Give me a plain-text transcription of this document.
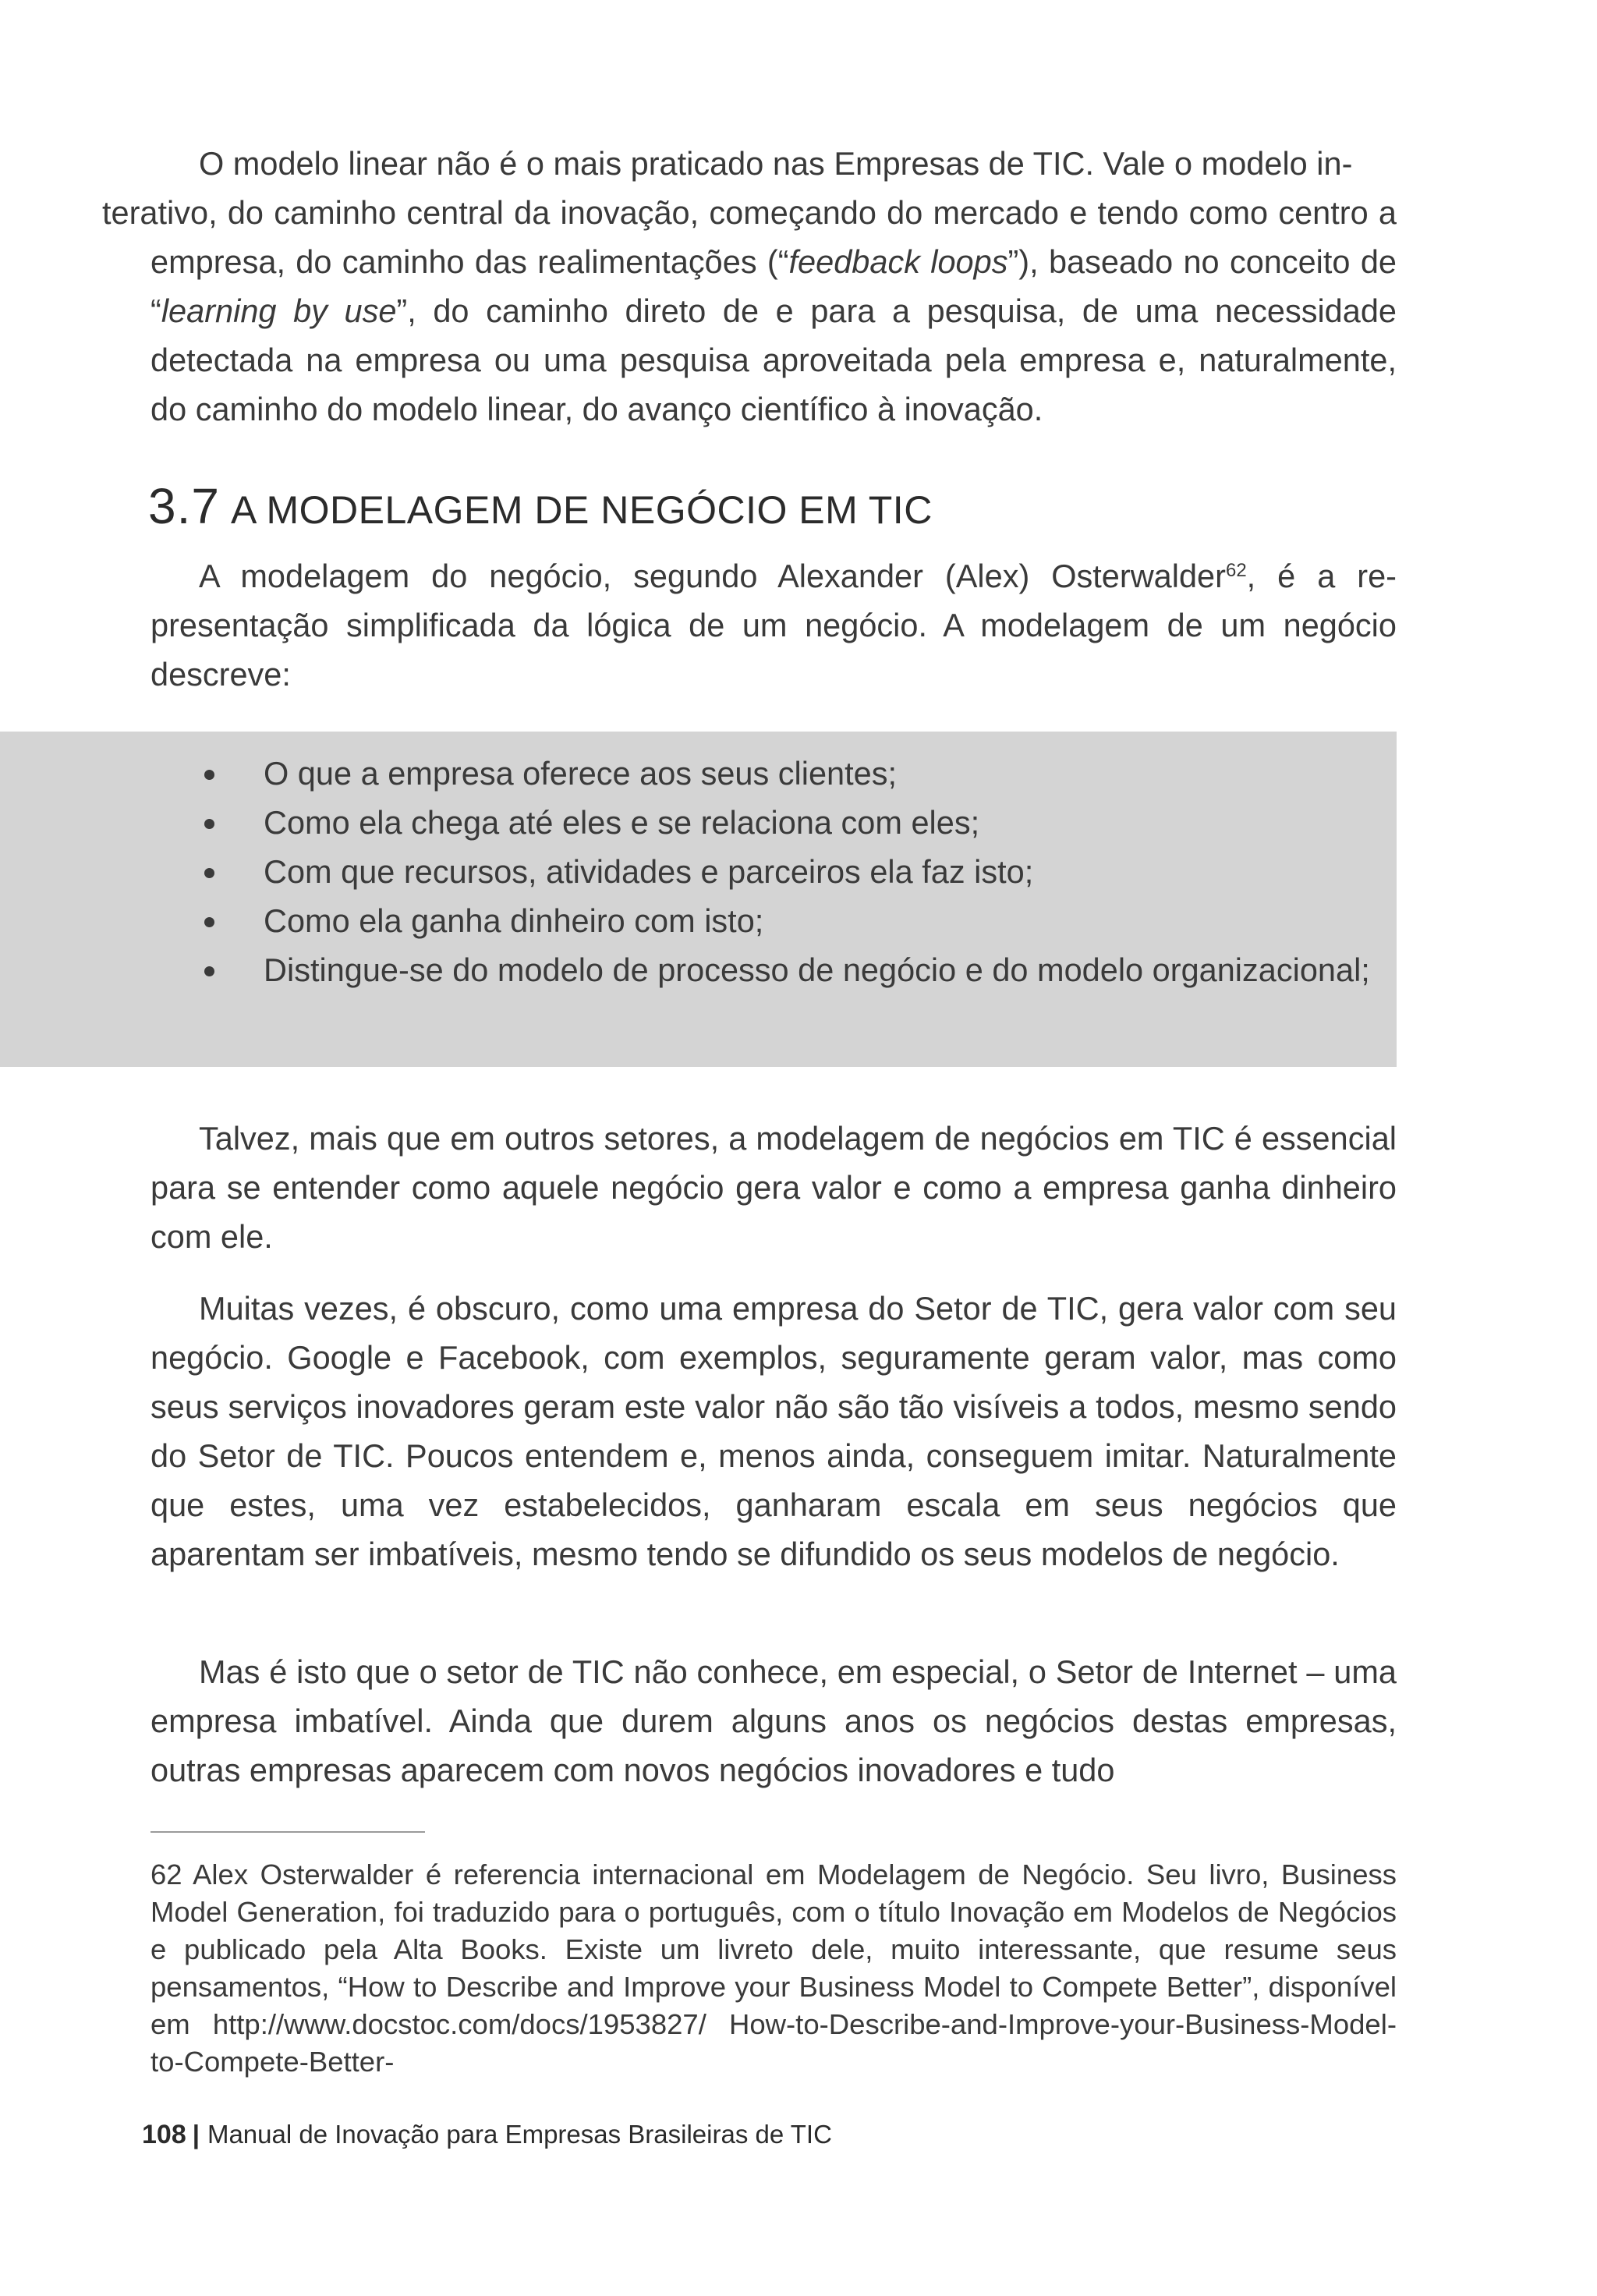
O modelo linear não é o mais praticado nas Empresas de TIC. Vale o modelo in-
terativo, do caminho central da inovação, começando do mercado e tendo como centro a empresa, do caminho das realimentações (“feedback loops”), baseado no conceito de “learning by use”, do caminho direto de e para a pesquisa, de uma necessidade detectada na empresa ou uma pesquisa aproveitada pela empresa e, naturalmente, do caminho do modelo linear, do avanço científico à inovação.

3.7 A MODELAGEM DE NEGÓCIO EM TIC

A modelagem do negócio, segundo Alexander (Alex) Osterwalder$^{62}$, é a representação simplificada da lógica de um negócio. A modelagem de um negócio descreve:

O que a empresa oferece aos seus clientes;
Como ela chega até eles e se relaciona com eles;
Com que recursos, atividades e parceiros ela faz isto;
Como ela ganha dinheiro com isto;
Distingue-se do modelo de processo de negócio e do modelo organizacional;

Talvez, mais que em outros setores, a modelagem de negócios em TIC é essencial para se entender como aquele negócio gera valor e como a empresa ganha dinheiro com ele.

Muitas vezes, é obscuro, como uma empresa do Setor de TIC, gera valor com seu negócio. Google e Facebook, com exemplos, seguramente geram valor, mas como seus serviços inovadores geram este valor não são tão visíveis a todos, mesmo sendo do Setor de TIC. Poucos entendem e, menos ainda, conseguem imitar. Naturalmente que estes, uma vez estabelecidos, ganharam escala em seus negócios que aparentam ser imbatíveis, mesmo tendo se difundido os seus modelos de negócio.

Mas é isto que o setor de TIC não conhece, em especial, o Setor de Internet – uma empresa imbatível. Ainda que durem alguns anos os negócios destas empresas, outras empresas aparecem com novos negócios inovadores e tudo

62 Alex Osterwalder é referencia internacional em Modelagem de Negócio. Seu livro, Business Model Generation, foi traduzido para o português, com o título Inovação em Modelos de Negócios e publicado pela Alta Books. Existe um livreto dele, muito interessante, que resume seus pensamentos, “How to Describe and Improve your Business Model to Compete Better”, disponível em http://www.docstoc.com/docs/1953827/ How-to-Describe-and-Improve-your-Business-Model-to-Compete-Better-

108 | Manual de Inovação para Empresas Brasileiras de TIC
